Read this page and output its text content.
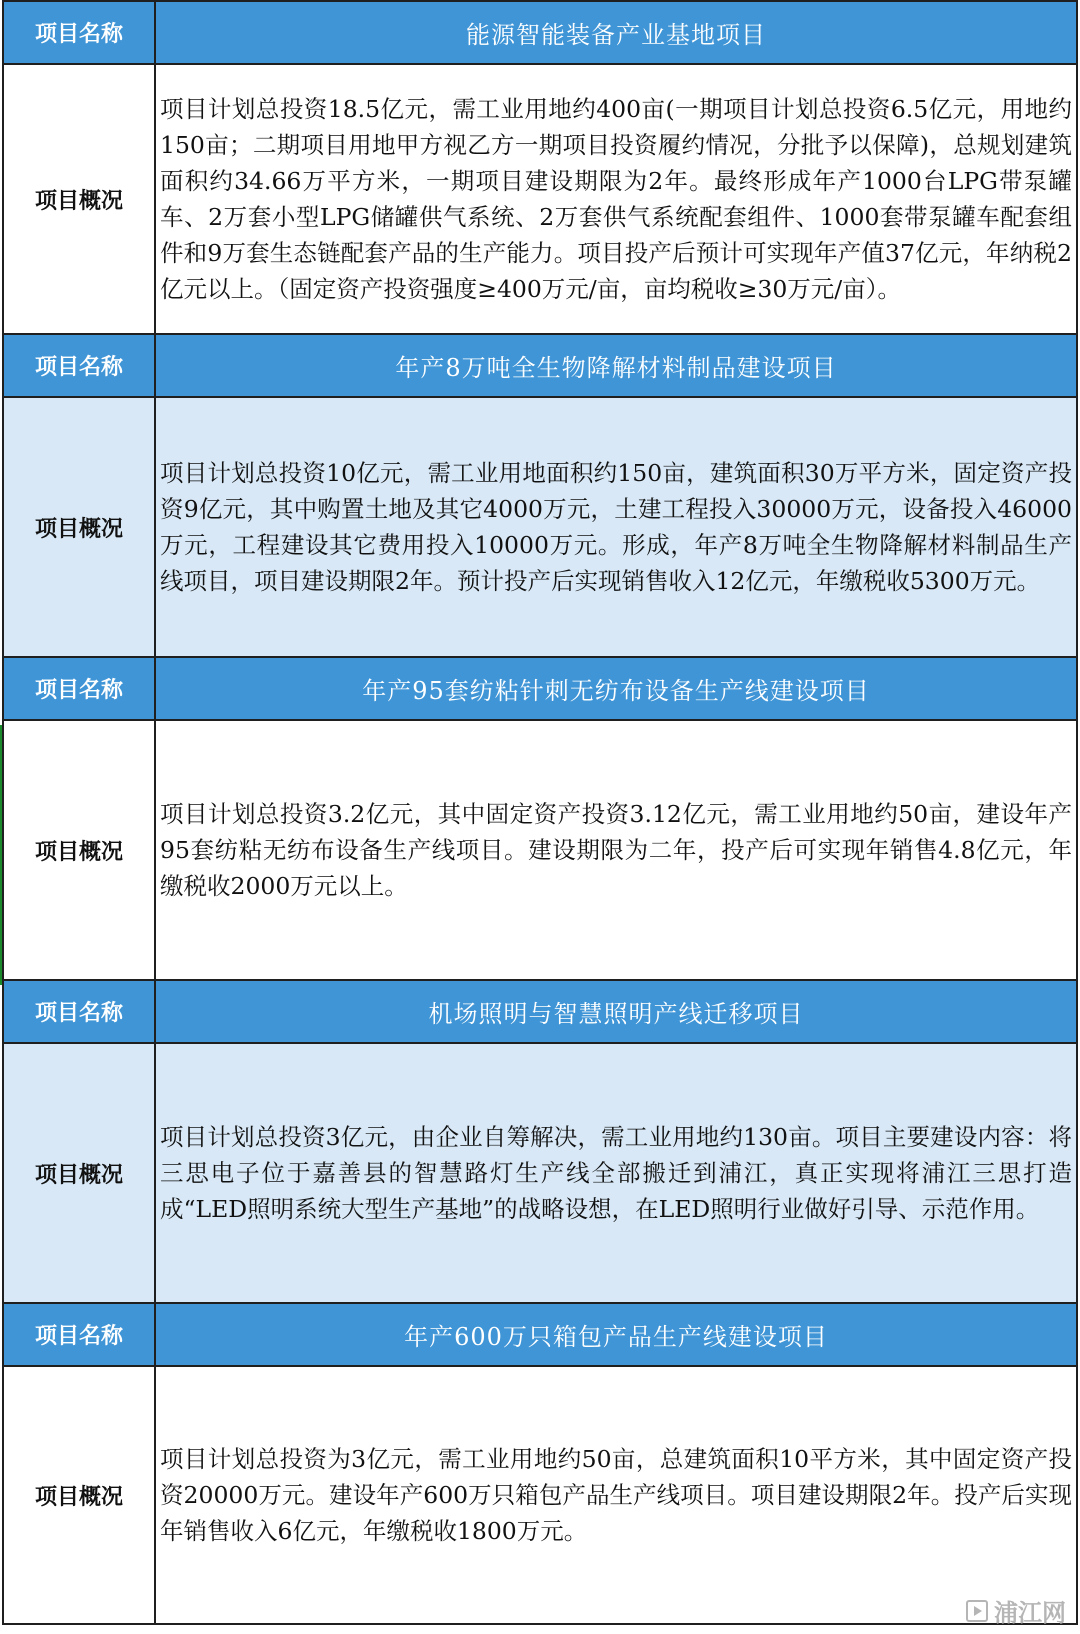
项目名称	能源智能装备产业基地项目
项目概况	项目计划总投资18.5亿元，需工业用地约400亩(一期项目计划总投资6.5亿元，用地约150亩；二期项目用地甲方视乙方一期项目投资履约情况，分批予以保障)，总规划建筑面积约34.66万平方米，一期项目建设期限为2年。最终形成年产1000台LPG带泵罐车、2万套小型LPG储罐供气系统、2万套供气系统配套组件、1000套带泵罐车配套组件和9万套生态链配套产品的生产能力。项目投产后预计可实现年产值37亿元，年纳税2亿元以上。（固定资产投资强度≥400万元/亩，亩均税收≥30万元/亩）。
项目名称	年产8万吨全生物降解材料制品建设项目
项目概况	项目计划总投资10亿元，需工业用地面积约150亩，建筑面积30万平方米，固定资产投资9亿元，其中购置土地及其它4000万元，土建工程投入30000万元，设备投入46000万元，工程建设其它费用投入10000万元。形成，年产8万吨全生物降解材料制品生产线项目，项目建设期限2年。预计投产后实现销售收入12亿元，年缴税收5300万元。
项目名称	年产95套纺粘针刺无纺布设备生产线建设项目
项目概况	项目计划总投资3.2亿元，其中固定资产投资3.12亿元，需工业用地约50亩，建设年产95套纺粘无纺布设备生产线项目。建设期限为二年，投产后可实现年销售4.8亿元，年缴税收2000万元以上。
项目名称	机场照明与智慧照明产线迁移项目
项目概况	项目计划总投资3亿元，由企业自筹解决，需工业用地约130亩。项目主要建设内容：将三思电子位于嘉善县的智慧路灯生产线全部搬迁到浦江，真正实现将浦江三思打造成“LED照明系统大型生产基地”的战略设想，在LED照明行业做好引导、示范作用。
项目名称	年产600万只箱包产品生产线建设项目
项目概况	项目计划总投资为3亿元，需工业用地约50亩，总建筑面积10平方米，其中固定资产投资20000万元。建设年产600万只箱包产品生产线项目。项目建设期限2年。投产后实现年销售收入6亿元，年缴税收1800万元。
浦江网
